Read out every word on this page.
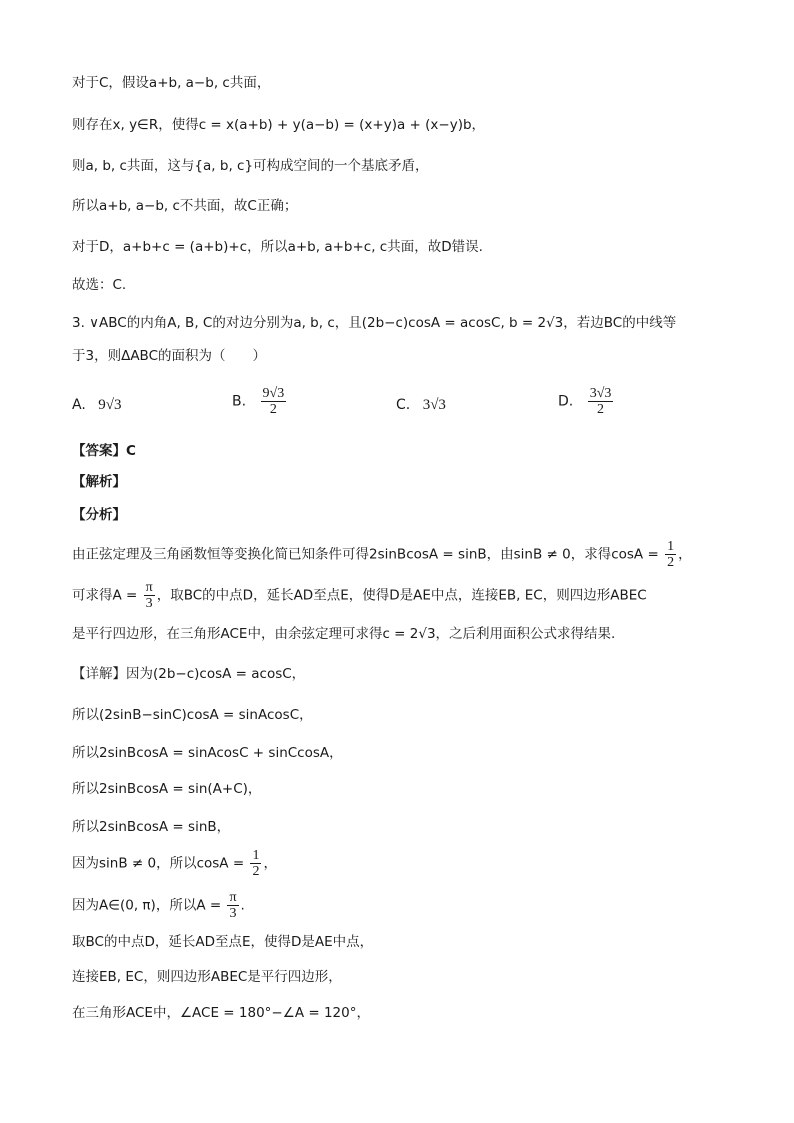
对于C，假设a+b, a−b, c共面，
则存在x, y∈R，使得c = x(a+b) + y(a−b) = (x+y)a + (x−y)b，
则a, b, c共面，这与{a, b, c}可构成空间的一个基底矛盾，
所以a+b, a−b, c不共面，故C正确；
对于D，a+b+c = (a+b)+c，所以a+b, a+b+c, c共面，故D错误.
故选：C.
3. ∨ABC的内角A, B, C的对边分别为a, b, c，且(2b−c)cosA = acosC, b = 2√3，若边BC的中线等
于3，则ΔABC的面积为（　　）
A. 9√3	B. $\frac{9√3}{2}$	C. 3√3	D. $\frac{3√3}{2}$
【答案】C
【解析】
【分析】
由正弦定理及三角函数恒等变换化简已知条件可得2sinBcosA = sinB，由sinB ≠ 0，求得$\cos A = \frac{1}{2}$ ，
可求得$A = \frac{\pi}{3}$ ，取BC的中点D，延长AD至点E，使得D是AE中点，连接EB, EC，则四边形ABEC
是平行四边形，在三角形ACE中，由余弦定理可求得c = 2√3，之后利用面积公式求得结果.
【详解】因为(2b−c)cosA = acosC，
所以(2sinB−sinC)cosA = sinAcosC，
所以2sinBcosA = sinAcosC + sinCcosA，
所以2sinBcosA = sin(A+C)，
所以2sinBcosA = sinB，
因为sinB ≠ 0，所以$\cos A = \frac{1}{2}$ ，
因为A∈(0, π)，所以$A = \frac{\pi}{3}$ .
取BC的中点D，延长AD至点E，使得D是AE中点，
连接EB, EC，则四边形ABEC是平行四边形，
在三角形ACE中，∠ACE = 180°−∠A = 120°，
